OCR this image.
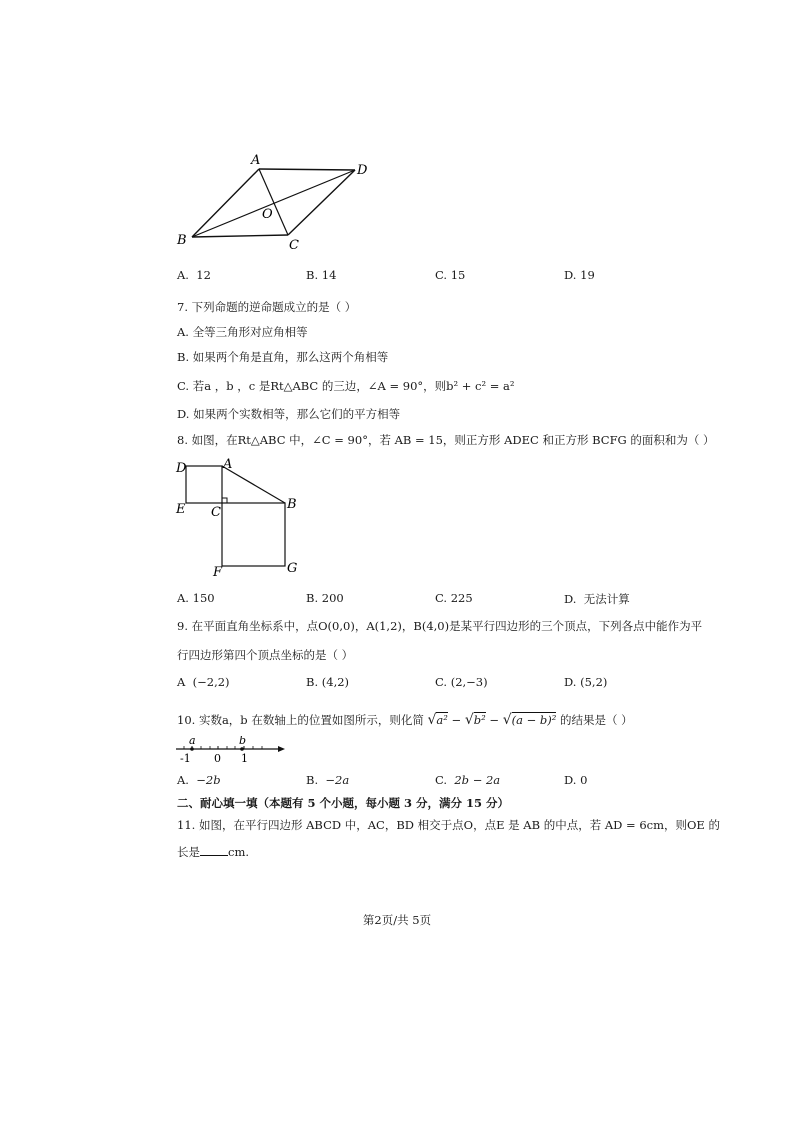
A
D
O
B	C
A. 12	B. 14	C. 15	D. 19
7. 下列命题的逆命题成立的是（ ）
A. 全等三角形对应角相等
B. 如果两个角是直角，那么这两个角相等
C. 若a ，b ，c 是Rt△ABC 的三边，∠A = 90°，则b² + c² = a²
D. 如果两个实数相等，那么它们的平方相等
8. 如图，在Rt△ABC 中，∠C = 90°，若 AB = 15，则正方形 ADEC 和正方形 BCFG 的面积和为（ ）
D	A
E C
B
F	G
A. 150	B. 200	C. 225	D. 无法计算
9. 在平面直角坐标系中，点O(0,0)，A(1,2)，B(4,0)是某平行四边形的三个顶点，下列各点中能作为平
行四边形第四个顶点坐标的是（ ）
A (−2,2)	B. (4,2)	C. (2,−3)	D. (5,2)
10. 实数a，b 在数轴上的位置如图所示，则化简 √a² − √b² − √(a − b)² 的结果是（ ）
a	b
-1 0 1
A. −2b	B. −2a	C. 2b − 2a	D. 0
二、耐心填一填（本题有 5 个小题，每小题 3 分，满分 15 分）
11. 如图，在平行四边形 ABCD 中，AC，BD 相交于点O，点E 是 AB 的中点，若 AD = 6cm，则OE 的
长是 cm.
第2页/共 5页
